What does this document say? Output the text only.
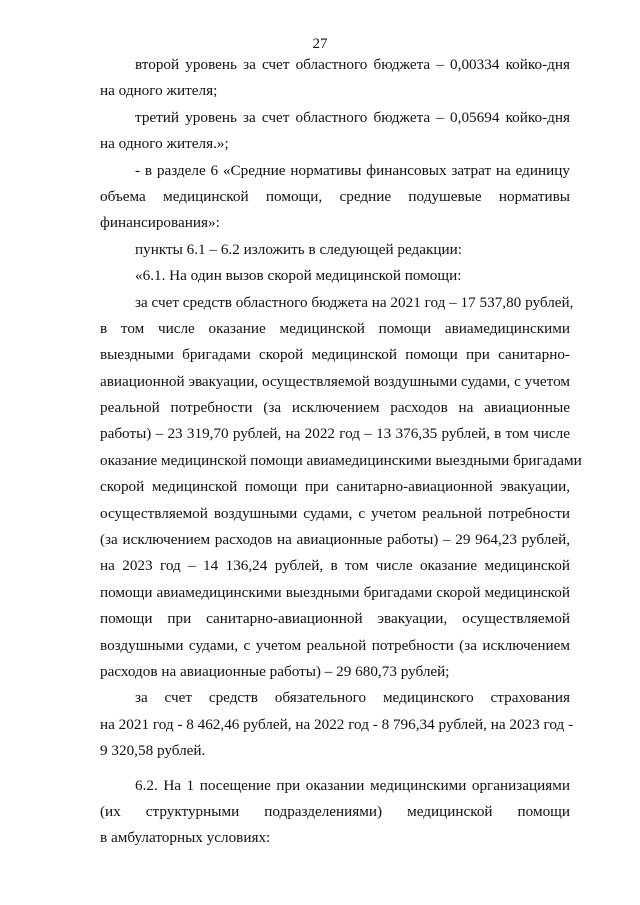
27
второй уровень за счет областного бюджета – 0,00334 койко-дня
на одного жителя;
третий уровень за счет областного бюджета – 0,05694 койко-дня
на одного жителя.»;
- в разделе 6 «Средние нормативы финансовых затрат на единицу
объема медицинской помощи, средние подушевые нормативы
финансирования»:
пункты 6.1 – 6.2 изложить в следующей редакции:
«6.1. На один вызов скорой медицинской помощи:
за счет средств областного бюджета на 2021 год – 17 537,80 рублей,
в том числе оказание медицинской помощи авиамедицинскими
выездными бригадами скорой медицинской помощи при санитарно-
авиационной эвакуации, осуществляемой воздушными судами, с учетом
реальной потребности (за исключением расходов на авиационные
работы) – 23 319,70 рублей, на 2022 год – 13 376,35 рублей, в том числе
оказание медицинской помощи авиамедицинскими выездными бригадами
скорой медицинской помощи при санитарно-авиационной эвакуации,
осуществляемой воздушными судами, с учетом реальной потребности
(за исключением расходов на авиационные работы) – 29 964,23 рублей,
на 2023 год – 14 136,24 рублей, в том числе оказание медицинской
помощи авиамедицинскими выездными бригадами скорой медицинской
помощи при санитарно-авиационной эвакуации, осуществляемой
воздушными судами, с учетом реальной потребности (за исключением
расходов на авиационные работы) – 29 680,73 рублей;
за счет средств обязательного медицинского страхования
на 2021 год - 8 462,46 рублей, на 2022 год - 8 796,34 рублей, на 2023 год -
9 320,58 рублей.
6.2. На 1 посещение при оказании медицинскими организациями
(их структурными подразделениями) медицинской помощи
в амбулаторных условиях:
